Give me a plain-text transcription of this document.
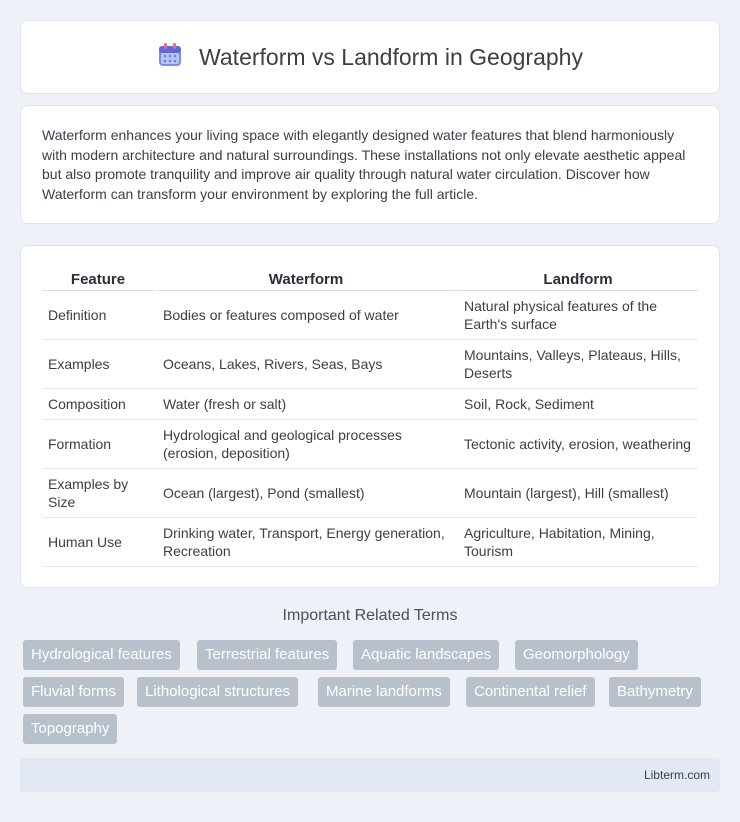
Waterform vs Landform in Geography

Waterform enhances your living space with elegantly designed water features that blend harmoniously with modern architecture and natural surroundings. These installations not only elevate aesthetic appeal but also promote tranquility and improve air quality through natural water circulation. Discover how Waterform can transform your environment by exploring the full article.

Feature	Waterform	Landform
Definition	Bodies or features composed of water	Natural physical features of the Earth's surface
Examples	Oceans, Lakes, Rivers, Seas, Bays	Mountains, Valleys, Plateaus, Hills, Deserts
Composition	Water (fresh or salt)	Soil, Rock, Sediment
Formation	Hydrological and geological processes (erosion, deposition)	Tectonic activity, erosion, weathering
Examples by Size	Ocean (largest), Pond (smallest)	Mountain (largest), Hill (smallest)
Human Use	Drinking water, Transport, Energy generation, Recreation	Agriculture, Habitation, Mining, Tourism
Important Related Terms
Hydrological features	Terrestrial features	Aquatic landscapes	Geomorphology
Fluvial forms	Lithological structures	Marine landforms	Continental relief	Bathymetry
Topography
Libterm.com
